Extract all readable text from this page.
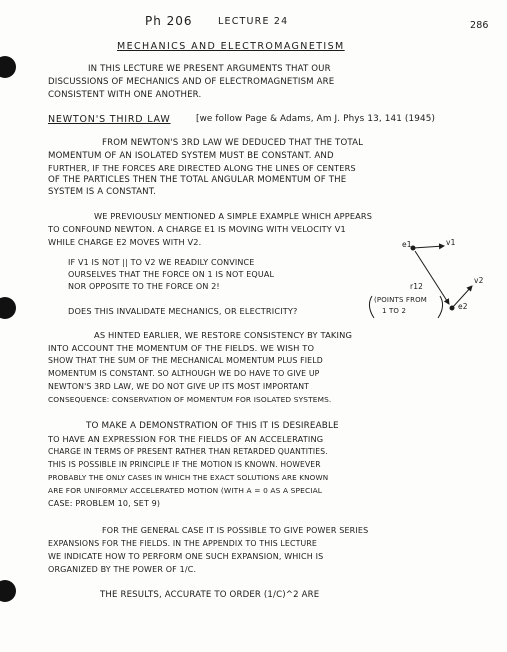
Ph 206	LECTURE 24	286
MECHANICS AND ELECTROMAGNETISM
IN THIS LECTURE WE PRESENT ARGUMENTS THAT OUR
DISCUSSIONS OF MECHANICS AND OF ELECTROMAGNETISM ARE
CONSISTENT WITH ONE ANOTHER.
NEWTON'S THIRD LAW	[we follow Page & Adams, Am J. Phys 13, 141 (1945)
FROM NEWTON'S 3RD LAW WE DEDUCED THAT THE TOTAL
MOMENTUM OF AN ISOLATED SYSTEM MUST BE CONSTANT. AND
FURTHER, IF THE FORCES ARE DIRECTED ALONG THE LINES OF CENTERS
OF THE PARTICLES THEN THE TOTAL ANGULAR MOMENTUM OF THE
SYSTEM IS A CONSTANT.
WE PREVIOUSLY MENTIONED A SIMPLE EXAMPLE WHICH APPEARS
TO CONFOUND NEWTON. A CHARGE E1 IS MOVING WITH VELOCITY V1
WHILE CHARGE E2 MOVES WITH V2.
IF V1 IS NOT || TO V2 WE READILY CONVINCE
OURSELVES THAT THE FORCE ON 1 IS NOT EQUAL
NOR OPPOSITE TO THE FORCE ON 2!
DOES THIS INVALIDATE MECHANICS, OR ELECTRICITY?
e1	v1
r12
v2
e2
(POINTS FROM
1 TO 2
AS HINTED EARLIER, WE RESTORE CONSISTENCY BY TAKING
INTO ACCOUNT THE MOMENTUM OF THE FIELDS. WE WISH TO
SHOW THAT THE SUM OF THE MECHANICAL MOMENTUM PLUS FIELD
MOMENTUM IS CONSTANT. SO ALTHOUGH WE DO HAVE TO GIVE UP
NEWTON'S 3RD LAW, WE DO NOT GIVE UP ITS MOST IMPORTANT
CONSEQUENCE: CONSERVATION OF MOMENTUM FOR ISOLATED SYSTEMS.
TO MAKE A DEMONSTRATION OF THIS IT IS DESIREABLE
TO HAVE AN EXPRESSION FOR THE FIELDS OF AN ACCELERATING
CHARGE IN TERMS OF PRESENT RATHER THAN RETARDED QUANTITIES.
THIS IS POSSIBLE IN PRINCIPLE IF THE MOTION IS KNOWN. HOWEVER
PROBABLY THE ONLY CASES IN WHICH THE EXACT SOLUTIONS ARE KNOWN
ARE FOR UNIFORMLY ACCELERATED MOTION (WITH A = 0 AS A SPECIAL
CASE: PROBLEM 10, SET 9)
FOR THE GENERAL CASE IT IS POSSIBLE TO GIVE POWER SERIES
EXPANSIONS FOR THE FIELDS. IN THE APPENDIX TO THIS LECTURE
WE INDICATE HOW TO PERFORM ONE SUCH EXPANSION, WHICH IS
ORGANIZED BY THE POWER OF 1/C.
THE RESULTS, ACCURATE TO ORDER (1/C)^2 ARE
